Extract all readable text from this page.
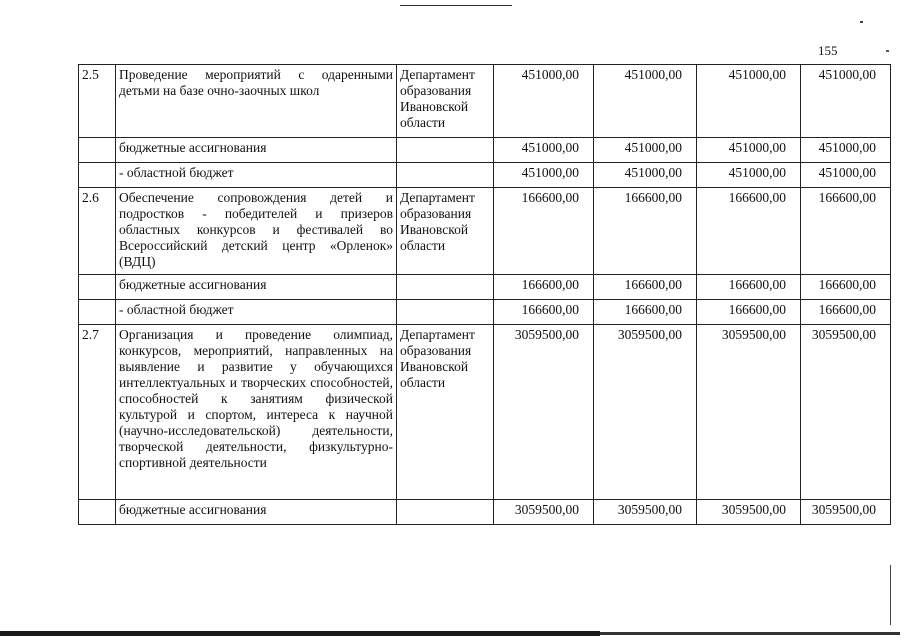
155
2.5	Проведение мероприятий с одаренными детьми на базе очно-заочных школ	Департамент образования Ивановской области	451000,00	451000,00	451000,00	451000,00
	бюджетные ассигнования		451000,00	451000,00	451000,00	451000,00
	- областной бюджет		451000,00	451000,00	451000,00	451000,00
2.6	Обеспечение сопровождения детей и подростков - победителей и призеров областных конкурсов и фестивалей во Всероссийский детский центр «Орленок» (ВДЦ)	Департамент образования Ивановской области	166600,00	166600,00	166600,00	166600,00
	бюджетные ассигнования		166600,00	166600,00	166600,00	166600,00
	- областной бюджет		166600,00	166600,00	166600,00	166600,00
2.7	Организация и проведение олимпиад, конкурсов, мероприятий, направленных на выявление и развитие у обучающихся интеллектуальных и творческих способностей, способностей к занятиям физической культурой и спортом, интереса к научной (научно-исследовательской) деятельности, творческой деятельности, физкультурно-спортивной деятельности	Департамент образования Ивановской области	3059500,00	3059500,00	3059500,00	3059500,00
	бюджетные ассигнования		3059500,00	3059500,00	3059500,00	3059500,00
